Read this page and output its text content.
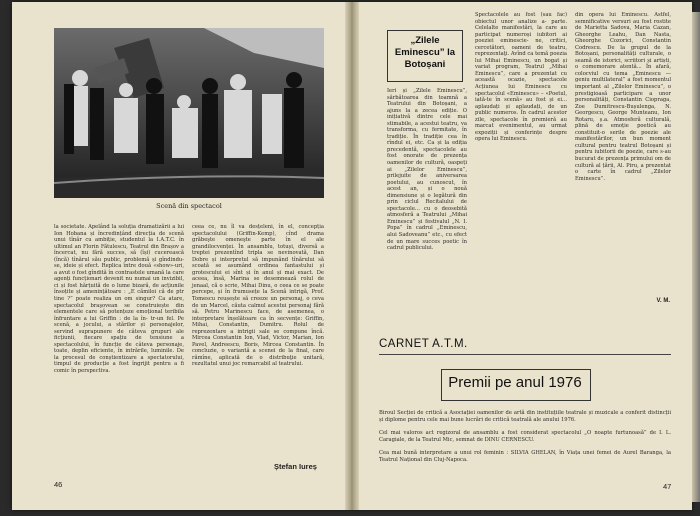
Scenă din spectacol

la societate. Apelând la soluția dramatizării a lui Ion Hobana și încredințând direcția de scenă unui tînăr cu ambiție, studentul la I.A.T.C. în ultimul an Florin Fătulescu, Teatrul din Brașov a încercat, nu fără succes, să (își) cucerească (încă) tînărul său public, problemă și gîndindu-se, ideie și efect. Replica între două «show»-uri, a avut o fost gîndită în contrastele umană la care agenți funcționari devenit nu numai un invizibil, ci și fost hărțuită de o lume bizară, de acțiunile însoțite și amenințătoare : „E cămiloi că de ptr tine ?” poate realiza un om singur? Ca atare, spectacolul braşovean se construiește din elementele care să potențeze emoțional teribila înfruntare a lui Griffin : de la în- tr-un fel. Pe scenă, a jocului, a stărilor și personajelor, servind suprapunere de câteva grupuri ale ficțiunii, fiecare spațiu de tensiune a spectacolului, în funcție de câteva personaje, toate, deplin eficiente, în intrările, luminile. De la procesul de conștientizare a spectatorului, timpul de producție a fost îngrijit pentru a fi comic în perspectiva.

ceea ce, nu îl va desțeleni, în el, concepția spectacolului (Griffin-Kemp), cînd drama grăbeşte omeneşte parte în el ale grandilocvenței. În ansamblu, totuși, diversă a treptei prezentînd tripla se nevinovată, Dan Dobre și interpretul să impunănd tînărului să scoată se asumând ordinea fantastului și grotescului ei sînt și în anul și mai exact. De aceea, însă, Marina se desemnează rolul de jenaal, că o scrie, Mihai Dinu, o ceea ce se poate percepe, și în frumusețe la Scenă intrigă, Prof. Tomescu reușește să creeze un personaj, o ceva de un Marcel, căuta calmul acestui personaj fără să. Petru Marinescu face, de asemenea, o interpretare înșelătoare ca în secvențe: Griffin, Mihai, Constantin, Dumitru. Rolul de reprezentare a intrigii sale se compune încă. Mircea Constantin Ion, Vlad, Victor, Marian, Ion Pavel, Andreescu, Boris, Mircea Constantin. În concluzie, o variantă a scenei de la final, care rămîne, aplicată de o distribuţie unitară, rezultatul unui joc remarcabil al teatrului.

Ștefan Iureș
46
„Zilele Eminescu” la Botoșani

Ieri și „Zilele Eminescu”, sărbătoarea din toamnă a Teatrului din Botoșani, a ajuns la a zecea ediție. O inițiativă dintre cele mai stimabile, a acestui teatru, va transforma, cu fermitate, în tradiție. În tradiție cea în rîndul ei, etc. Ca și la ediția precedentă, spectacolele au fost onorate de prezența oamenilor de cultură, oaspeți ai „Zilelor Eminescu”, prilejuite de aniversarea poetului, au cunoscut, în acest an, și o nouă dimensiune și o legătură din prin ciclul Recitalului de spectacole... cu o deosebită atmosferă a Teatrului „Mihai Eminescu” și festivalul „N. I. Popa” în cadrul „Eminescu, alui Sadoveanu” etc., cu efect de un mare succes poetic în cadrul publicului.

Spectacolele au fost (sau fac) obiectul unor analize a- parte. Celelalte manifestări, la care au participat numeroși iubitori ai poeziei eminescie- ne, critici, cercetători, oameni de teatru, reprezentaţi. Avînd ca temă poezia lui Mihai Eminescu, un bogat și variat program, Teatrul „Mihai Eminescu”, care a prezentat cu această ocazie, spectacole Acțiunea lui Eminescu cu spectacolul «Eminescu» – «Poetul, iată-te în scenă» au fost și ei... aplaudați și aplaudați, de un public numeros. În cadrul acestor zile, spectacole în premieră au marcat evenimentul, au urmat expoziții și conferințe despre opera lui Eminescu.

din opera lui Eminescu. Astfel, semnificative versuri au fost rostite de Marietta Sadova, Maria Cazan, Gheorghe Leahu, Dan Nasta, Gheorghe Cozorici, Constantin Codrescu. De la grupul de la Botoșani, personalități culturale, o seamă de istorici, scriitori și artiști, o comemorare atentă... În afară, colocviul cu tema „Eminescu — geniu multilateral” a fost momentul important al „Zilelor Eminescu”, o prestigioasă participare a unor personalități, Constantin Ciopraga, Zoe Dumitrescu-Bușulenga, N. Georgescu, George Munteanu, Ion Rotaru, ș.a. Atmosferă culturală, plină de emoție poetică au constituit-o serile de poezie ale manifestărilor, un bun moment cultural pentru teatrul Botoșani și pentru iubitorii de poezie, care s-au bucurat de prezența primului om de cultură al țării, Al. Piru, a prezentat o carte în cadrul „Zilelor Eminescu”.

V. M.
CARNET A.T.M.
Premii pe anul 1976

Biroul Secției de critică a Asociației oamenilor de artă din instituțiile teatrale și muzicale a conferit distincții și diplome pentru cele mai bune lucrări de critică teatrală ale anului 1976.

Cel mai valoros act regizoral de ansamblu a fost considerat spectacolul „O noapte furtunoasă” de I. L. Caragiale, de la Teatrul Mic, semnat de DINU CERNESCU.

Cea mai bună interpretare a unui rol feminin : SILVIA GHELAN, în Viața unei femei de Aurel Baranga, la Teatrul Național din Cluj-Napoca.

47
